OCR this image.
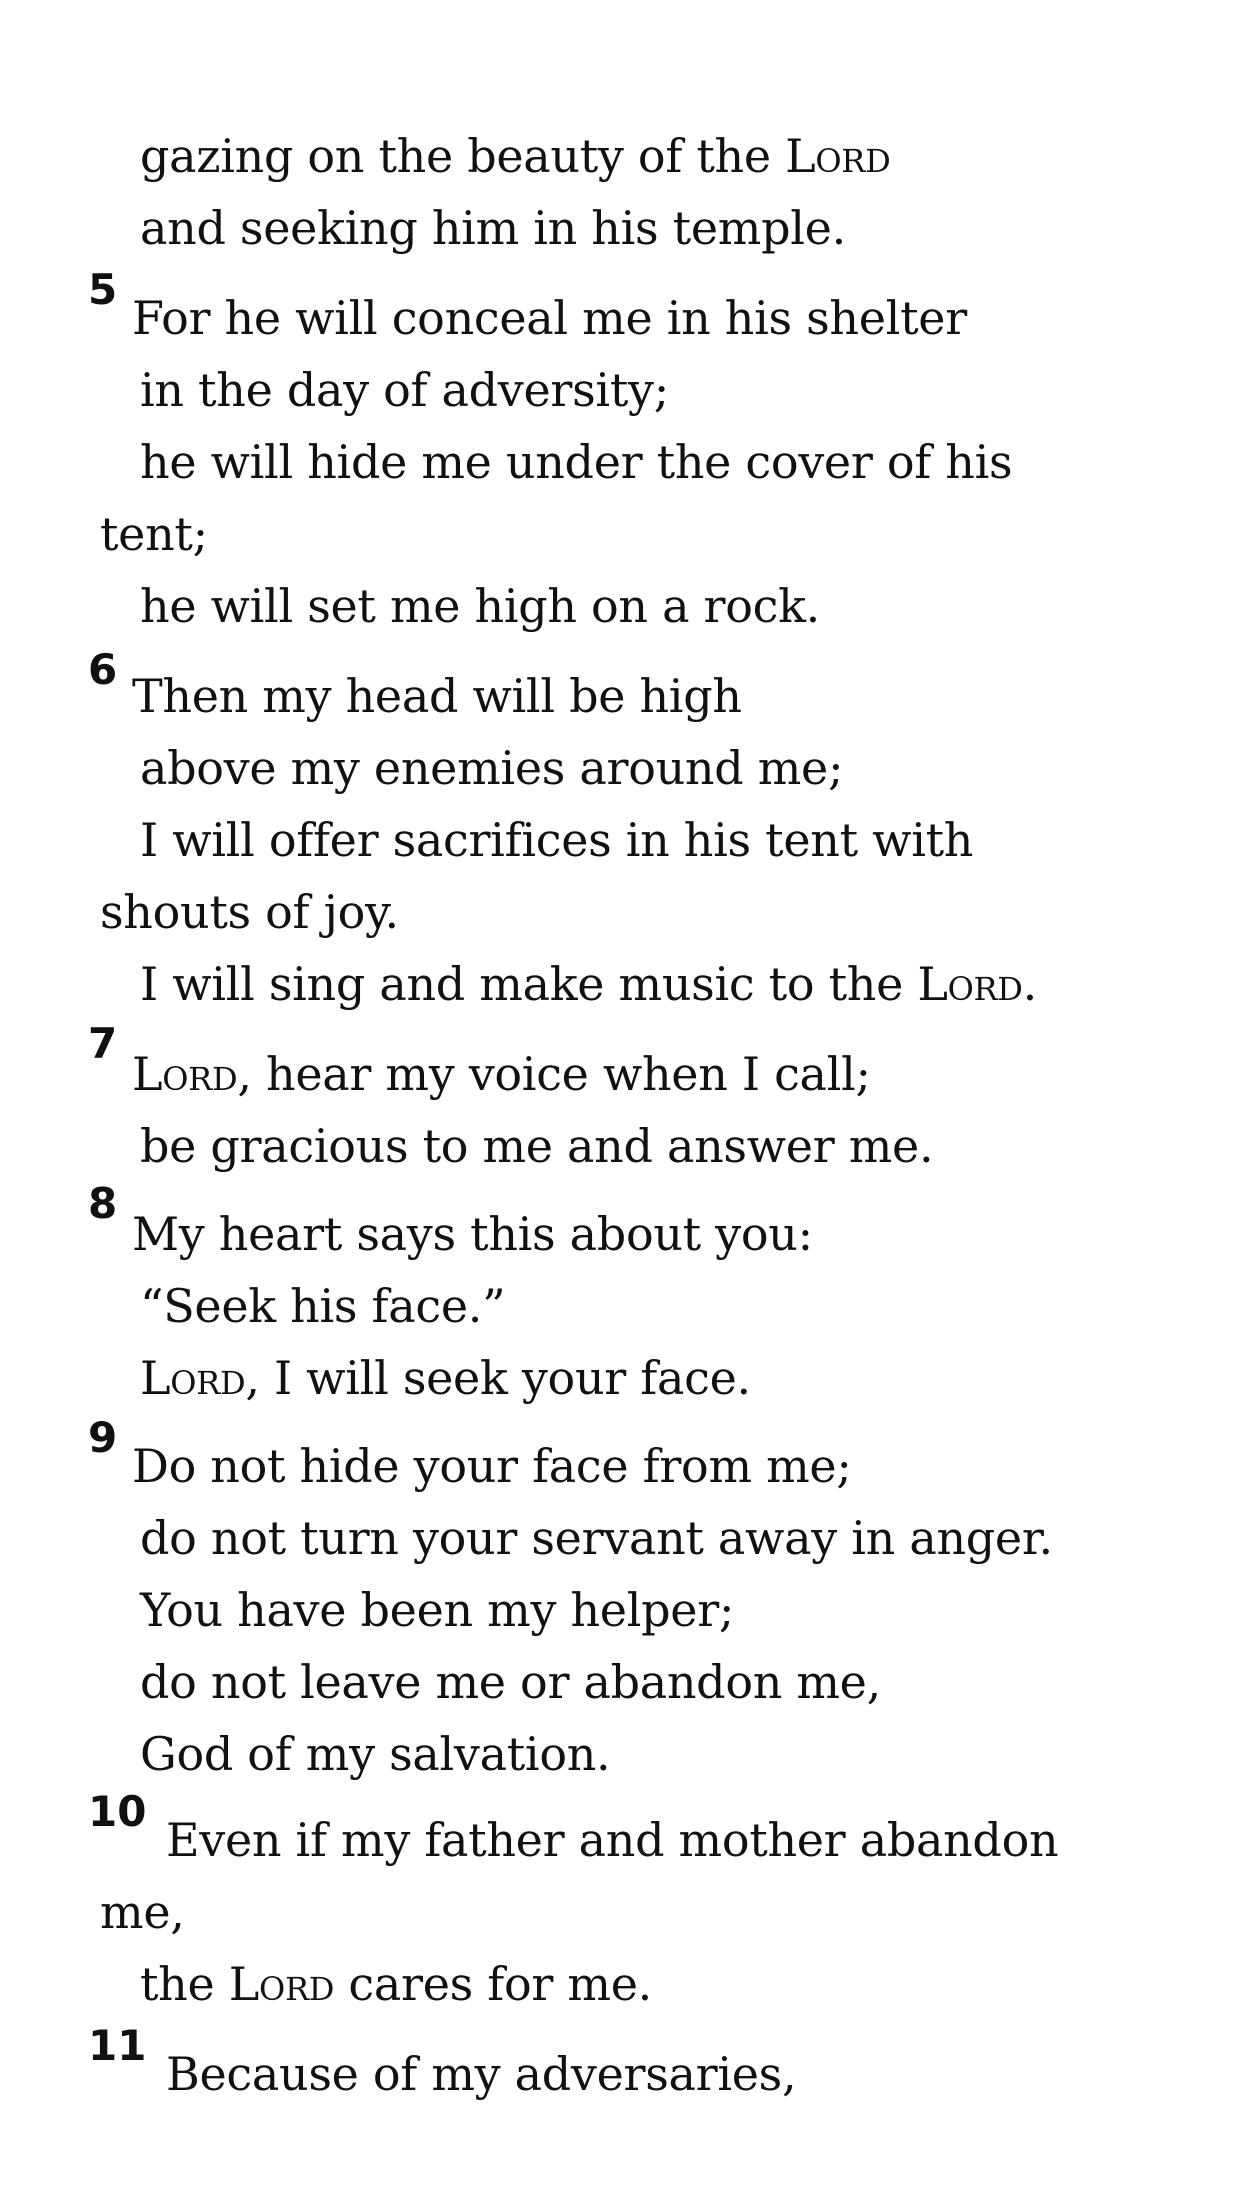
gazing on the beauty of the Lord
and seeking him in his temple.
5
For he will conceal me in his shelter
in the day of adversity;
he will hide me under the cover of his
tent;
he will set me high on a rock.
6 Then my head will be high
above my enemies around me;
I will offer sacrifices in his tent with
shouts of joy.
I will sing and make music to the Lord.
7
Lord, hear my voice when I call;
be gracious to me and answer me.
8
My heart says this about you:
“Seek his face.”
Lord, I will seek your face.
9
Do not hide your face from me;
do not turn your servant away in anger.
You have been my helper;
do not leave me or abandon me,
God of my salvation.
10
Even if my father and mother abandon
me,
the Lord cares for me.
11
Because of my adversaries,
